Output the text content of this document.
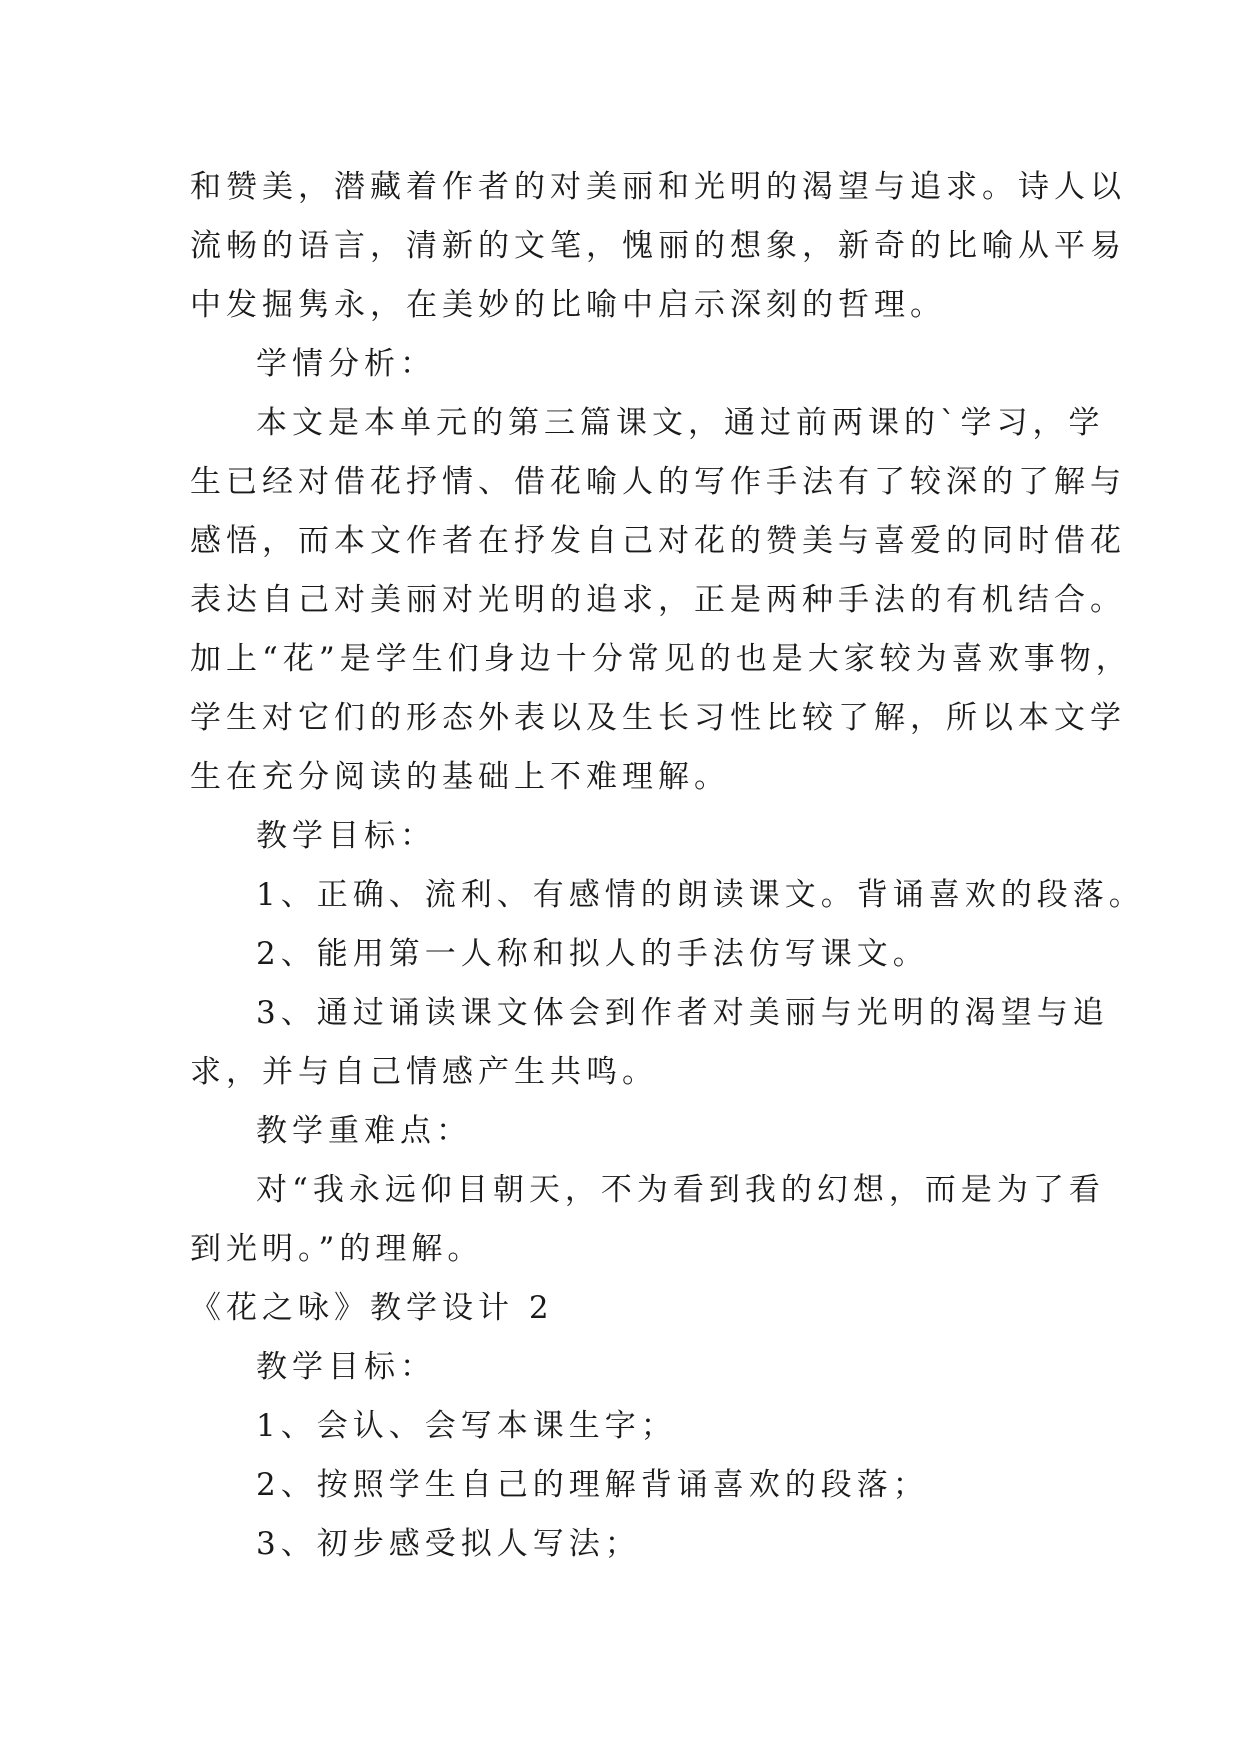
和赞美，潜藏着作者的对美丽和光明的渴望与追求。诗人以

流畅的语言，清新的文笔，愧丽的想象，新奇的比喻从平易

中发掘隽永，在美妙的比喻中启示深刻的哲理。

学情分析：

本文是本单元的第三篇课文，通过前两课的`学习，学

生已经对借花抒情、借花喻人的写作手法有了较深的了解与

感悟，而本文作者在抒发自己对花的赞美与喜爱的同时借花

表达自己对美丽对光明的追求，正是两种手法的有机结合。

加上“花”是学生们身边十分常见的也是大家较为喜欢事物，

学生对它们的形态外表以及生长习性比较了解，所以本文学

生在充分阅读的基础上不难理解。

教学目标：

1、正确、流利、有感情的朗读课文。背诵喜欢的段落。

2、能用第一人称和拟人的手法仿写课文。

3、通过诵读课文体会到作者对美丽与光明的渴望与追

求，并与自己情感产生共鸣。

教学重难点：

对“我永远仰目朝天，不为看到我的幻想，而是为了看

到光明。”的理解。

《花之咏》教学设计 2

教学目标：

1、会认、会写本课生字；

2、按照学生自己的理解背诵喜欢的段落；

3、初步感受拟人写法；
